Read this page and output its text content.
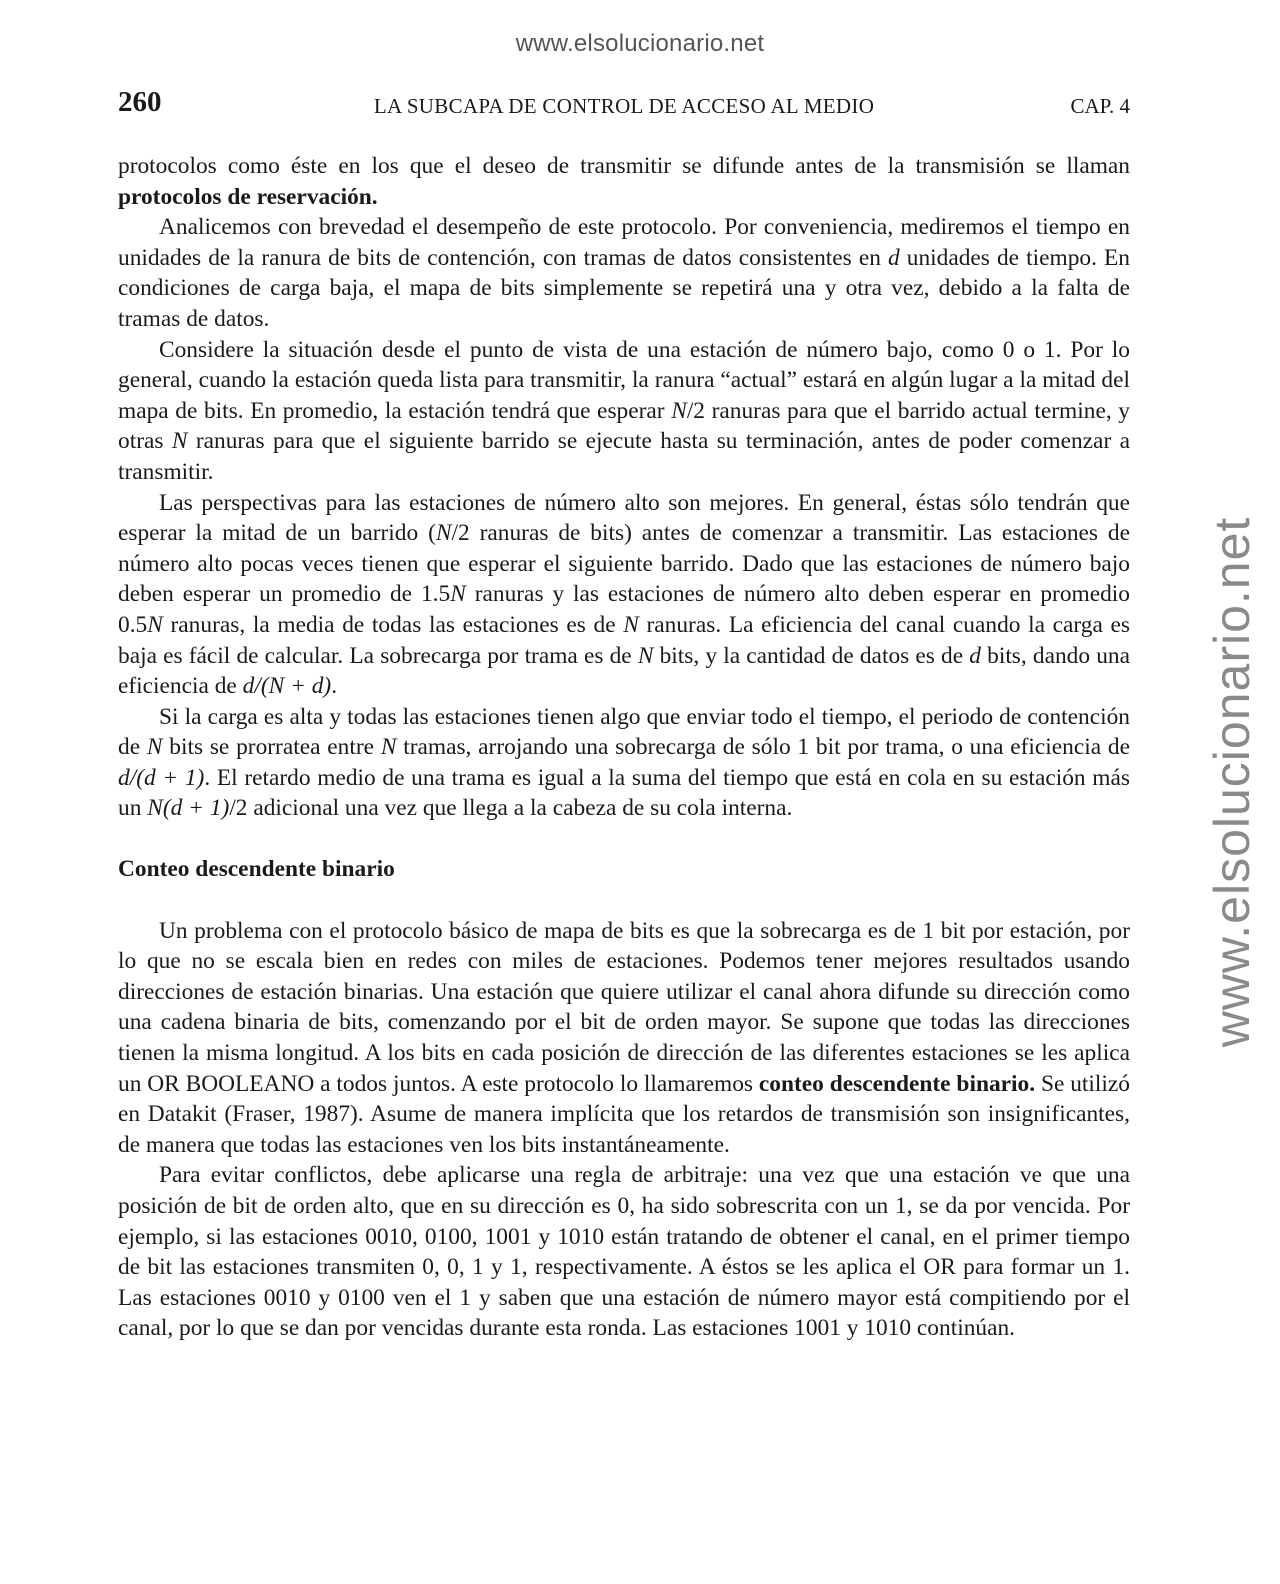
www.elsolucionario.net
www.elsolucionario.net
260	LA SUBCAPA DE CONTROL DE ACCESO AL MEDIO	CAP. 4

protocolos como éste en los que el deseo de transmitir se difunde antes de la transmisión se llaman protocolos de reservación.

Analicemos con brevedad el desempeño de este protocolo. Por conveniencia, mediremos el tiempo en unidades de la ranura de bits de contención, con tramas de datos consistentes en d unidades de tiempo. En condiciones de carga baja, el mapa de bits simplemente se repetirá una y otra vez, debido a la falta de tramas de datos.

Considere la situación desde el punto de vista de una estación de número bajo, como 0 o 1. Por lo general, cuando la estación queda lista para transmitir, la ranura “actual” estará en algún lugar a la mitad del mapa de bits. En promedio, la estación tendrá que esperar N/2 ranuras para que el barrido actual termine, y otras N ranuras para que el siguiente barrido se ejecute hasta su terminación, antes de poder comenzar a transmitir.

Las perspectivas para las estaciones de número alto son mejores. En general, éstas sólo tendrán que esperar la mitad de un barrido (N/2 ranuras de bits) antes de comenzar a transmitir. Las estaciones de número alto pocas veces tienen que esperar el siguiente barrido. Dado que las estaciones de número bajo deben esperar un promedio de 1.5N ranuras y las estaciones de número alto deben esperar en promedio 0.5N ranuras, la media de todas las estaciones es de N ranuras. La eficiencia del canal cuando la carga es baja es fácil de calcular. La sobrecarga por trama es de N bits, y la cantidad de datos es de d bits, dando una eficiencia de d/(N + d).

Si la carga es alta y todas las estaciones tienen algo que enviar todo el tiempo, el periodo de contención de N bits se prorratea entre N tramas, arrojando una sobrecarga de sólo 1 bit por trama, o una eficiencia de d/(d + 1). El retardo medio de una trama es igual a la suma del tiempo que está en cola en su estación más un N(d + 1)/2 adicional una vez que llega a la cabeza de su cola interna.

Conteo descendente binario

Un problema con el protocolo básico de mapa de bits es que la sobrecarga es de 1 bit por estación, por lo que no se escala bien en redes con miles de estaciones. Podemos tener mejores resultados usando direcciones de estación binarias. Una estación que quiere utilizar el canal ahora difunde su dirección como una cadena binaria de bits, comenzando por el bit de orden mayor. Se supone que todas las direcciones tienen la misma longitud. A los bits en cada posición de dirección de las diferentes estaciones se les aplica un OR BOOLEANO a todos juntos. A este protocolo lo llamaremos conteo descendente binario. Se utilizó en Datakit (Fraser, 1987). Asume de manera implícita que los retardos de transmisión son insignificantes, de manera que todas las estaciones ven los bits instantáneamente.

Para evitar conflictos, debe aplicarse una regla de arbitraje: una vez que una estación ve que una posición de bit de orden alto, que en su dirección es 0, ha sido sobrescrita con un 1, se da por vencida. Por ejemplo, si las estaciones 0010, 0100, 1001 y 1010 están tratando de obtener el canal, en el primer tiempo de bit las estaciones transmiten 0, 0, 1 y 1, respectivamente. A éstos se les aplica el OR para formar un 1. Las estaciones 0010 y 0100 ven el 1 y saben que una estación de número mayor está compitiendo por el canal, por lo que se dan por vencidas durante esta ronda. Las estaciones 1001 y 1010 continúan.
